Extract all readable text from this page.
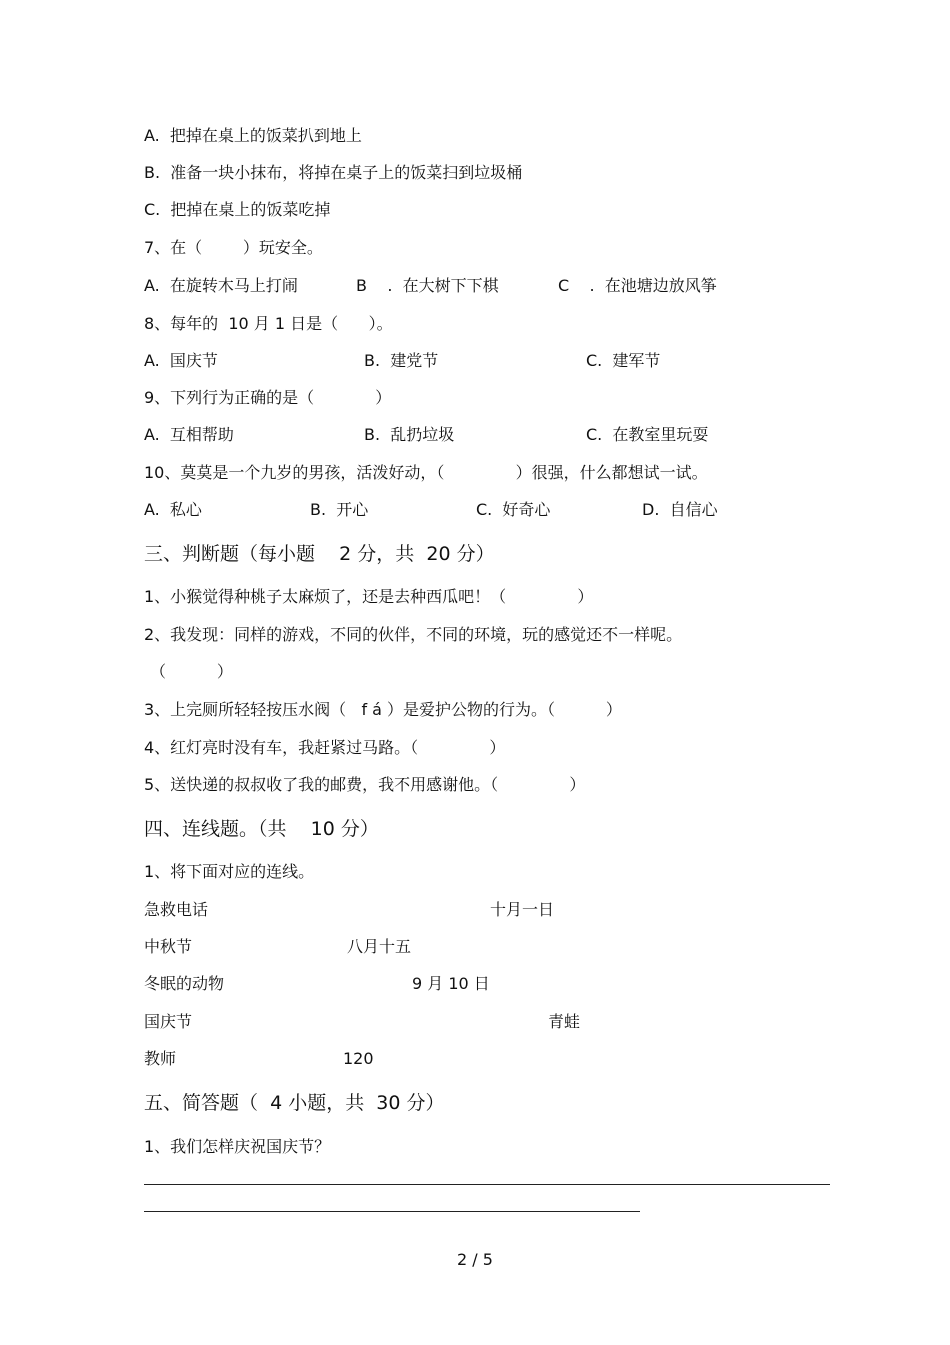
A.  把掉在桌上的饭菜扒到地上
B.  准备一块小抹布，将掉在桌子上的饭菜扫到垃圾桶
C.  把掉在桌上的饭菜吃掉
7、在（        ）玩安全。
A.  在旋转木马上打闹	B    .  在大树下下棋	C    .  在池塘边放风筝
8、每年的  10 月 1 日是（      ）。
A.  国庆节	B.  建党节	C.  建军节
9、下列行为正确的是（            ）
A.  互相帮助	B.  乱扔垃圾	C.  在教室里玩耍
10、莫莫是一个九岁的男孩，活泼好动，（              ）很强，什么都想试一试。
A.  私心	B.  开心	C.  好奇心	D.  自信心
三、判断题（每小题    2 分，共  20 分）
1、小猴觉得种桃子太麻烦了，还是去种西瓜吧！（              ）
2、我发现：同样的游戏，不同的伙伴，不同的环境，玩的感觉还不一样呢。
（          ）
3、上完厕所轻轻按压水阀（   f á ）是爱护公物的行为。（          ）
4、红灯亮时没有车，我赶紧过马路。（              ）
5、送快递的叔叔收了我的邮费，我不用感谢他。（              ）
四、连线题。（共    10 分）
1、将下面对应的连线。
急救电话	十月一日
中秋节	八月十五
冬眠的动物	9 月 10 日
国庆节	青蛙
教师	120
五、简答题（  4 小题，共  30 分）
1、我们怎样庆祝国庆节？
2 / 5
